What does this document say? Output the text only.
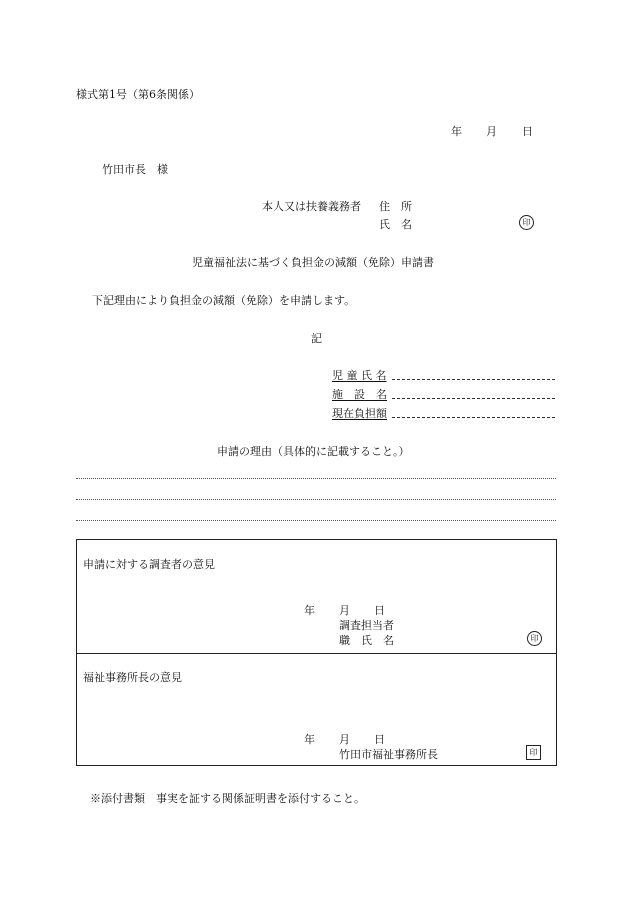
様式第1号（第6条関係）
年 月 日
竹田市長　様
本人又は扶養義務者 住　所
氏　名	印
児童福祉法に基づく負担金の減額（免除）申請書
下記理由により負担金の減額（免除）を申請します。
記
児 童 氏 名
施　設　名
現在負担額
申請の理由（具体的に記載すること。）
申請に対する調査者の意見
年 月 日
調査担当者
職　氏　名	印
福祉事務所長の意見
年 月 日
竹田市福祉事務所長	印
※添付書類　事実を証する関係証明書を添付すること。
